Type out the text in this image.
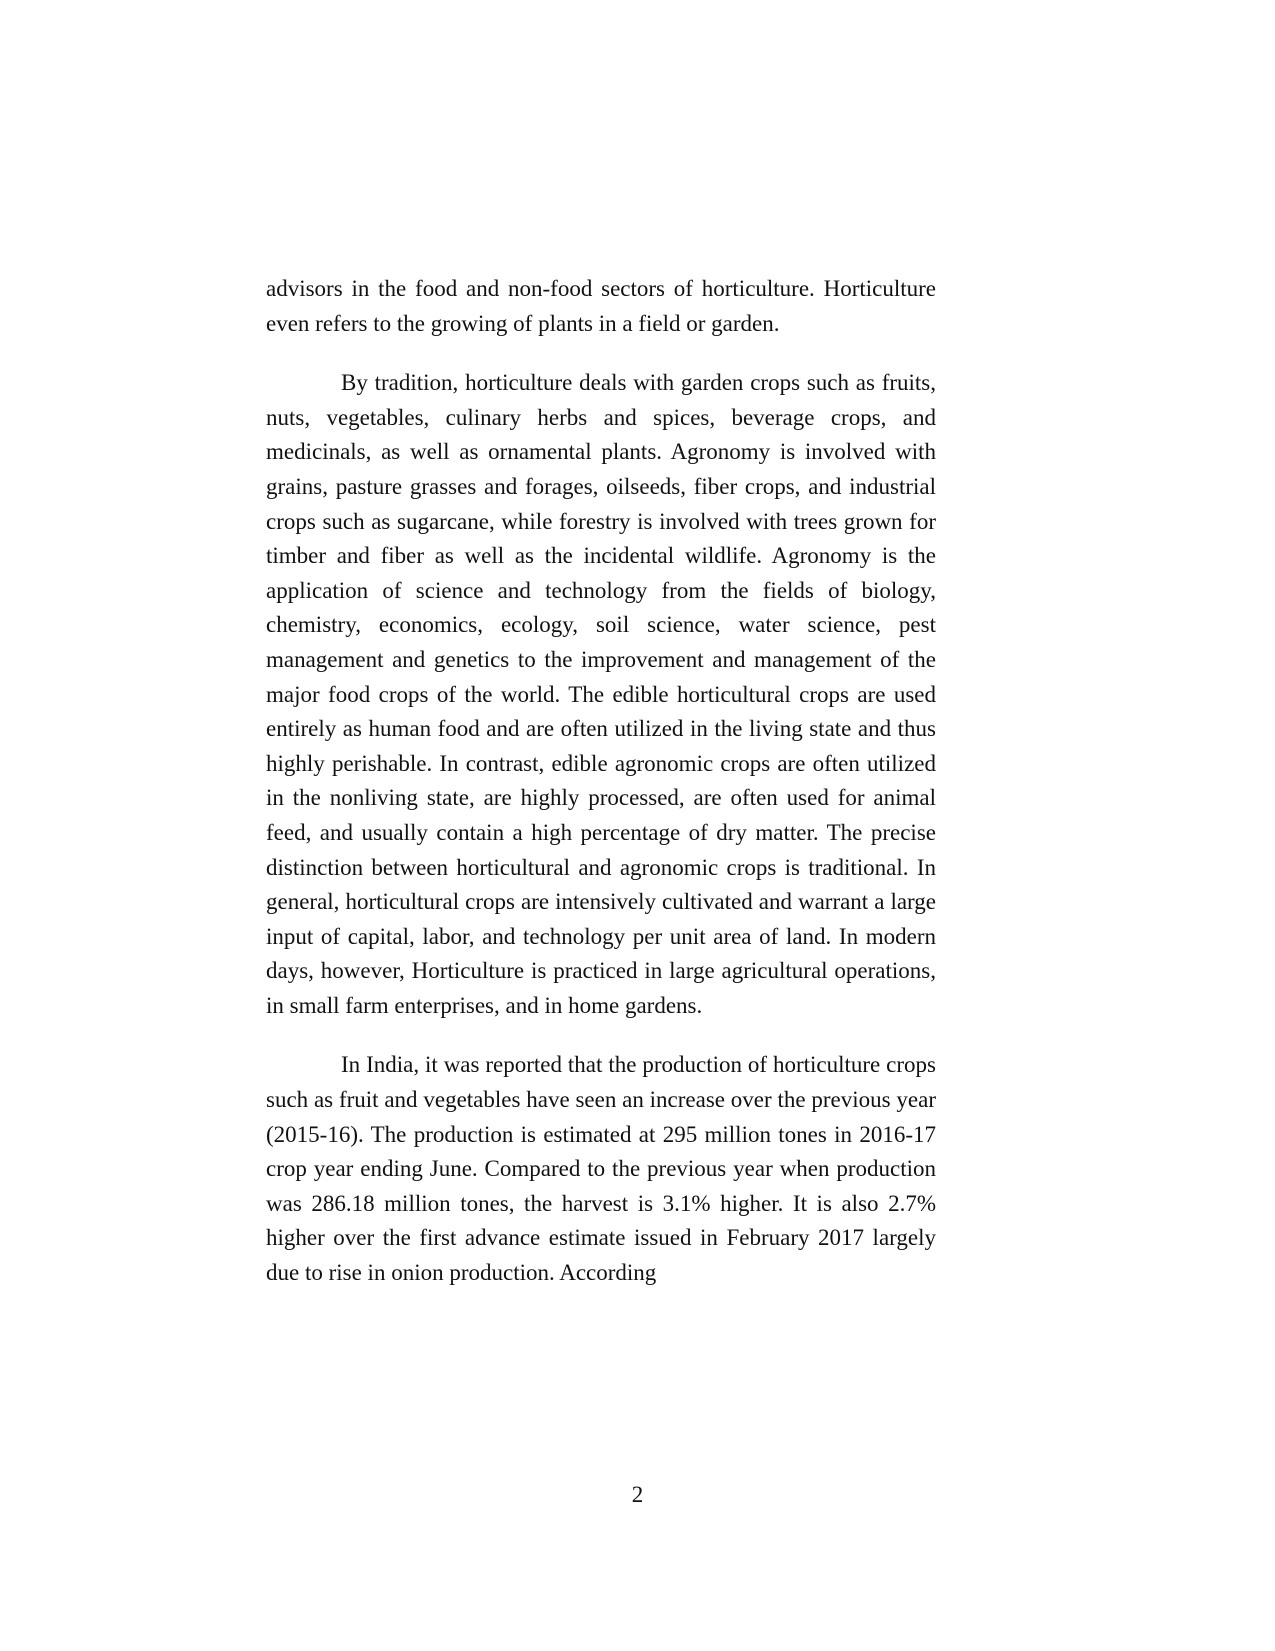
advisors in the food and non-food sectors of horticulture. Horticulture even refers to the growing of plants in a field or garden.

By tradition, horticulture deals with garden crops such as fruits, nuts, vegetables, culinary herbs and spices, beverage crops, and medicinals, as well as ornamental plants. Agronomy is involved with grains, pasture grasses and forages, oilseeds, fiber crops, and industrial crops such as sugarcane, while forestry is involved with trees grown for timber and fiber as well as the incidental wildlife. Agronomy is the application of science and technology from the fields of biology, chemistry, economics, ecology, soil science, water science, pest management and genetics to the improvement and management of the major food crops of the world. The edible horticultural crops are used entirely as human food and are often utilized in the living state and thus highly perishable. In contrast, edible agronomic crops are often utilized in the nonliving state, are highly processed, are often used for animal feed, and usually contain a high percentage of dry matter. The precise distinction between horticultural and agronomic crops is traditional. In general, horticultural crops are intensively cultivated and warrant a large input of capital, labor, and technology per unit area of land. In modern days, however, Horticulture is practiced in large agricultural operations, in small farm enterprises, and in home gardens.

In India, it was reported that the production of horticulture crops such as fruit and vegetables have seen an increase over the previous year (2015-16). The production is estimated at 295 million tones in 2016-17 crop year ending June. Compared to the previous year when production was 286.18 million tones, the harvest is 3.1% higher. It is also 2.7% higher over the first advance estimate issued in February 2017 largely due to rise in onion production. According

2
